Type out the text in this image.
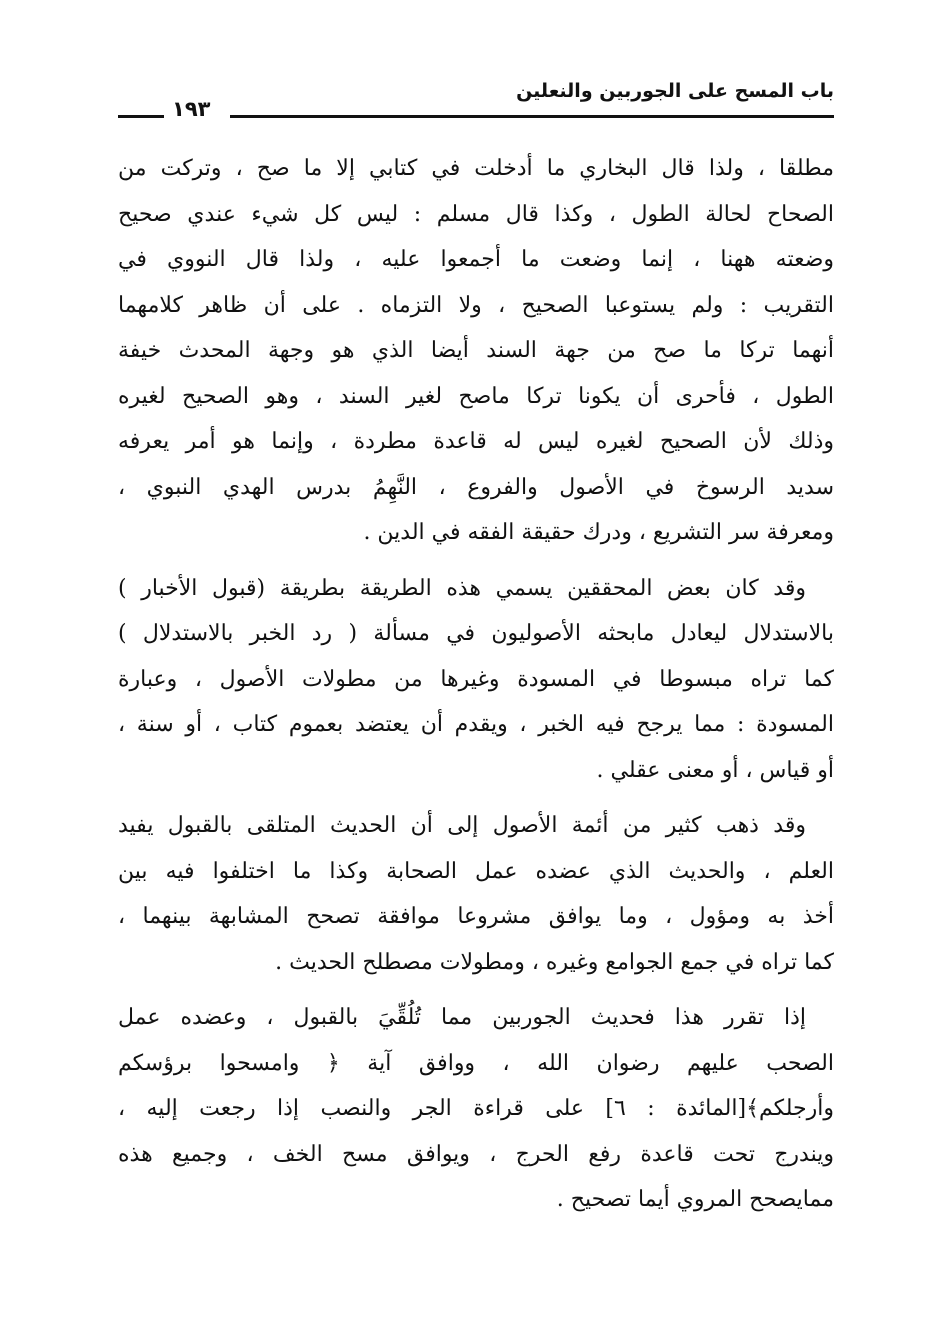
باب المسح على الجوربين والنعلين
١٩٣
مطلقا ، ولذا قال البخاري ما أدخلت في كتابي إلا ما صح ، وتركت من
الصحاح لحالة الطول ، وكذا قال مسلم : ليس كل شيء عندي صحيح
وضعته ههنا ، إنما وضعت ما أجمعوا عليه ، ولذا قال النووي في
التقريب : ولم يستوعبا الصحيح ، ولا التزماه . على أن ظاهر كلامهما
أنهما تركا ما صح من جهة السند أيضا الذي هو وجهة المحدث خيفة
الطول ، فأحرى أن يكونا تركا ماصح لغير السند ، وهو الصحيح لغيره
وذلك لأن الصحيح لغيره ليس له قاعدة مطردة ، وإنما هو أمر يعرفه
سديد الرسوخ في الأصول والفروع ، النَّهِمُ بدرس الهدي النبوي ،
ومعرفة سر التشريع ، ودرك حقيقة الفقه في الدين .
وقد كان بعض المحققين يسمي هذه الطريقة بطريقة (قبول الأخبار )
بالاستدلال ليعادل مابحثه الأصوليون في مسألة ( رد الخبر بالاستدلال )
كما تراه مبسوطا في المسودة وغيرها من مطولات الأصول ، وعبارة
المسودة : مما يرجح فيه الخبر ، ويقدم أن يعتضد بعموم كتاب ، أو سنة ،
أو قياس ، أو معنى عقلي .
وقد ذهب كثير من أئمة الأصول إلى أن الحديث المتلقى بالقبول يفيد
العلم ، والحديث الذي عضده عمل الصحابة وكذا ما اختلفوا فيه بين
أخذ به ومؤول ، وما يوافق مشروعا موافقة تصحح المشابهة بينهما ،
كما تراه في جمع الجوامع وغيره ، ومطولات مصطلح الحديث .
إذا تقرر هذا فحديث الجوربين مما تُلُقِّيَ بالقبول ، وعضده عمل
الصحب عليهم رضوان الله ، ووافق آية ﴿ وامسحوا برؤسكم
وأرجلكم﴾[المائدة : ٦] على قراءة الجر والنصب إذا رجعت إليه ،
ويندرج تحت قاعدة رفع الحرج ، ويوافق مسح الخف ، وجميع هذه
ممايصحح المروي أيما تصحيح .
